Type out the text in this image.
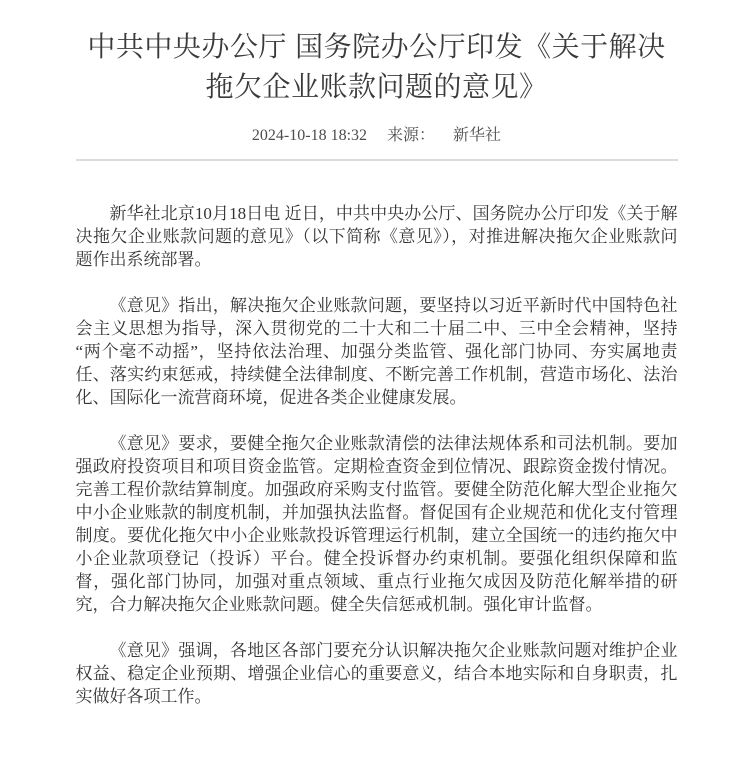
中共中央办公厅 国务院办公厅印发《关于解决拖欠企业账款问题的意见》
2024-10-18 18:32 来源： 新华社

新华社北京10月18日电 近日，中共中央办公厅、国务院办公厅印发《关于解决拖欠企业账款问题的意见》（以下简称《意见》），对推进解决拖欠企业账款问题作出系统部署。

《意见》指出，解决拖欠企业账款问题，要坚持以习近平新时代中国特色社会主义思想为指导，深入贯彻党的二十大和二十届二中、三中全会精神，坚持“两个毫不动摇”，坚持依法治理、加强分类监管、强化部门协同、夯实属地责任、落实约束惩戒，持续健全法律制度、不断完善工作机制，营造市场化、法治化、国际化一流营商环境，促进各类企业健康发展。

《意见》要求，要健全拖欠企业账款清偿的法律法规体系和司法机制。要加强政府投资项目和项目资金监管。定期检查资金到位情况、跟踪资金拨付情况。完善工程价款结算制度。加强政府采购支付监管。要健全防范化解大型企业拖欠中小企业账款的制度机制，并加强执法监督。督促国有企业规范和优化支付管理制度。要优化拖欠中小企业账款投诉管理运行机制，建立全国统一的违约拖欠中小企业款项登记（投诉）平台。健全投诉督办约束机制。要强化组织保障和监督，强化部门协同，加强对重点领域、重点行业拖欠成因及防范化解举措的研究，合力解决拖欠企业账款问题。健全失信惩戒机制。强化审计监督。

《意见》强调，各地区各部门要充分认识解决拖欠企业账款问题对维护企业权益、稳定企业预期、增强企业信心的重要意义，结合本地实际和自身职责，扎实做好各项工作。
